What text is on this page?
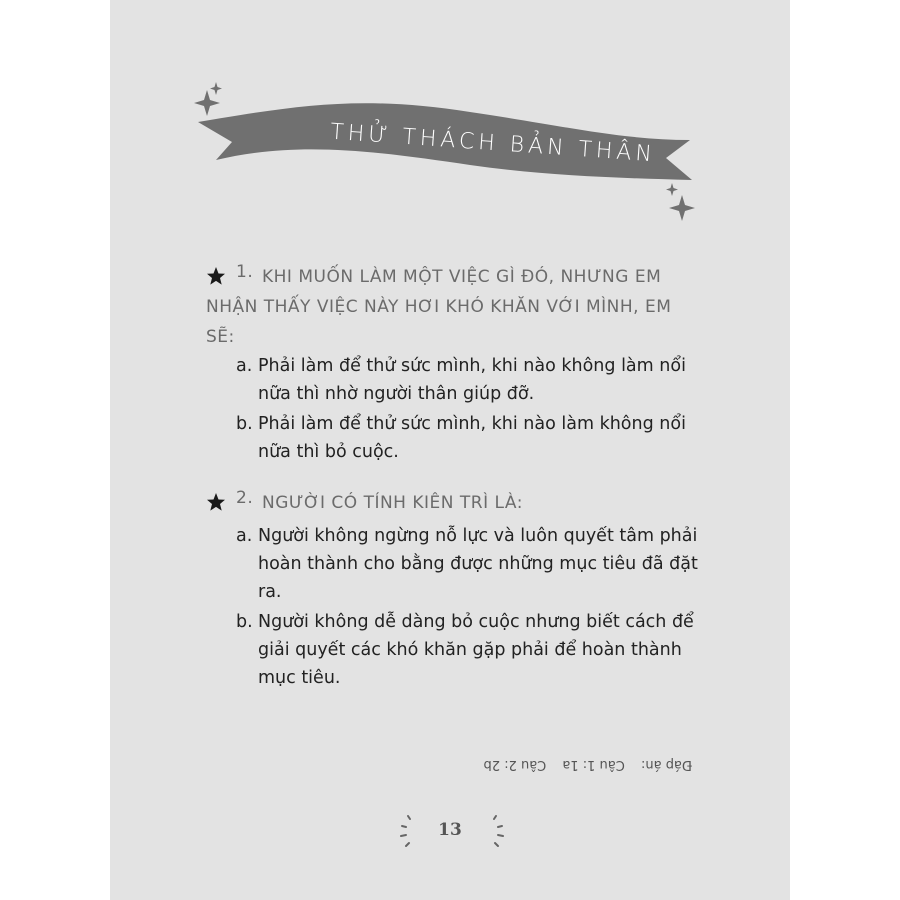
THỬ THÁCH BẢN THÂN
1. KHI MUỐN LÀM MỘT VIỆC GÌ ĐÓ, NHƯNG EM NHẬN THẤY VIỆC NÀY HƠI KHÓ KHĂN VỚI MÌNH, EM SẼ:
a. Phải làm để thử sức mình, khi nào không làm nổi nữa thì nhờ người thân giúp đỡ.
b. Phải làm để thử sức mình, khi nào làm không nổi nữa thì bỏ cuộc.
2. NGƯỜI CÓ TÍNH KIÊN TRÌ LÀ:
a. Người không ngừng nỗ lực và luôn quyết tâm phải hoàn thành cho bằng được những mục tiêu đã đặt ra.
b. Người không dễ dàng bỏ cuộc nhưng biết cách để giải quyết các khó khăn gặp phải để hoàn thành mục tiêu.
Đáp án: Câu 1: 1a Câu 2: 2b
13
